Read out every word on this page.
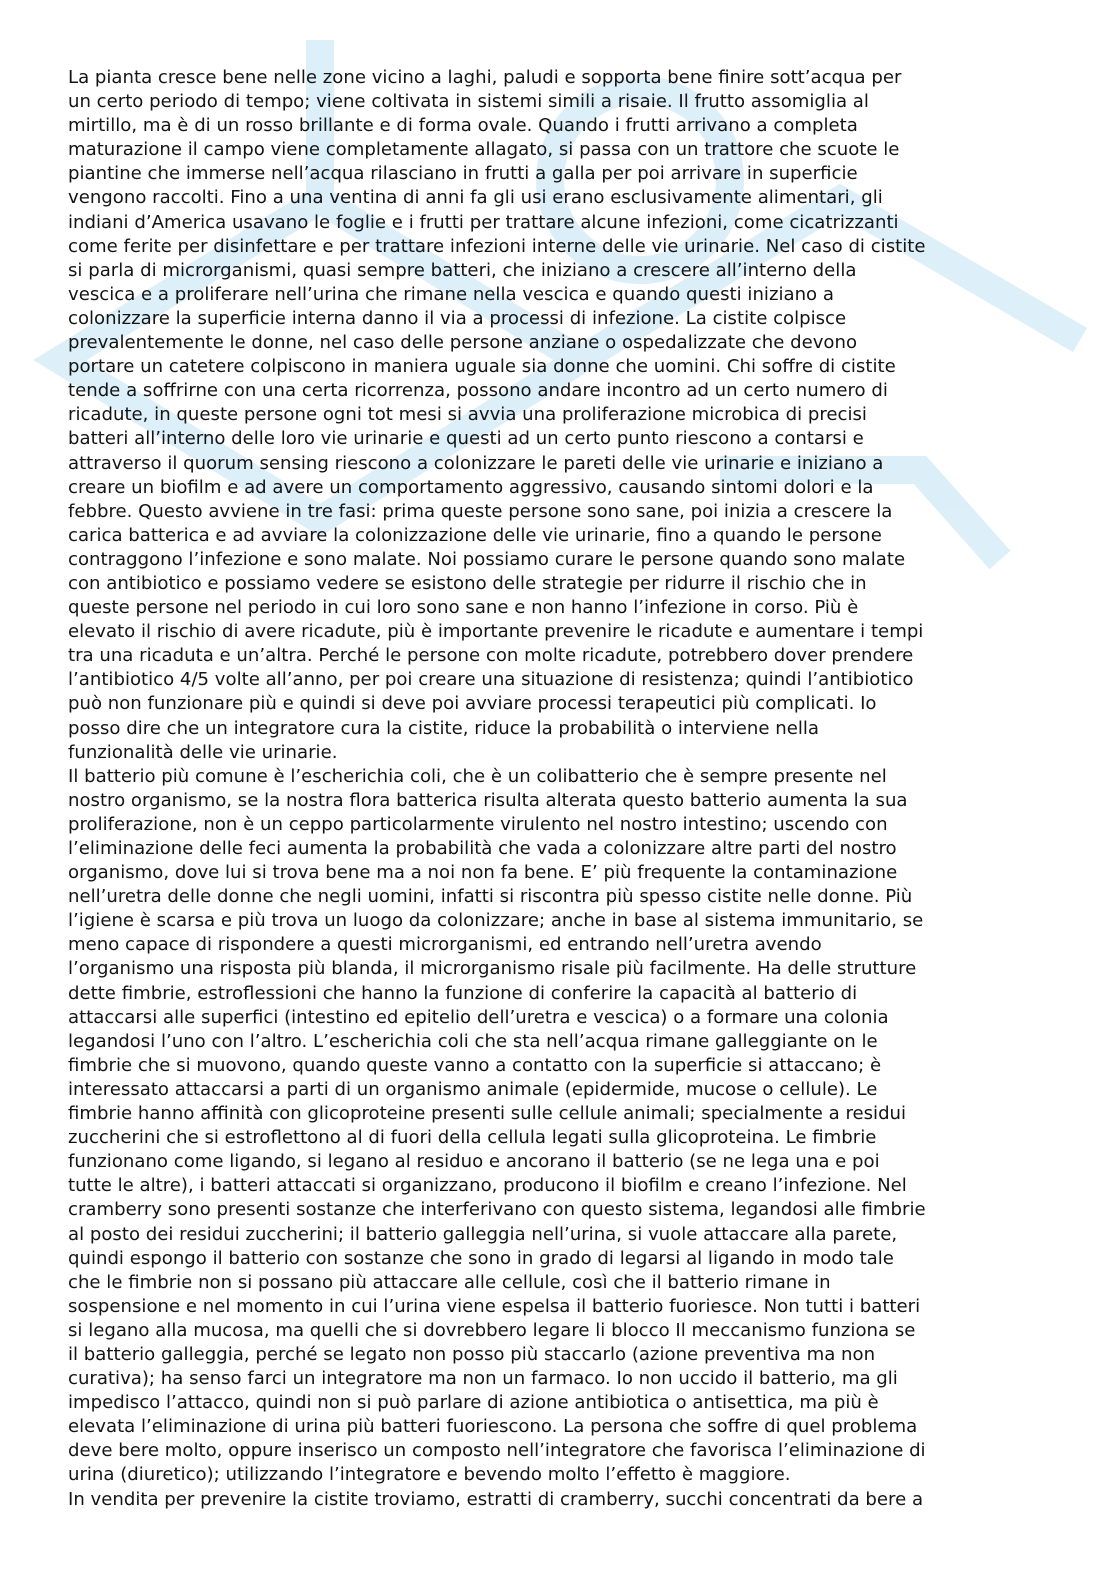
La pianta cresce bene nelle zone vicino a laghi, paludi e sopporta bene finire sott’acqua per

un certo periodo di tempo; viene coltivata in sistemi simili a risaie. Il frutto assomiglia al

mirtillo, ma è di un rosso brillante e di forma ovale. Quando i frutti arrivano a completa

maturazione il campo viene completamente allagato, si passa con un trattore che scuote le

piantine che immerse nell’acqua rilasciano in frutti a galla per poi arrivare in superficie

vengono raccolti. Fino a una ventina di anni fa gli usi erano esclusivamente alimentari, gli

indiani d’America usavano le foglie e i frutti per trattare alcune infezioni, come cicatrizzanti

come ferite per disinfettare e per trattare infezioni interne delle vie urinarie. Nel caso di cistite

si parla di microrganismi, quasi sempre batteri, che iniziano a crescere all’interno della

vescica e a proliferare nell’urina che rimane nella vescica e quando questi iniziano a

colonizzare la superficie interna danno il via a processi di infezione. La cistite colpisce

prevalentemente le donne, nel caso delle persone anziane o ospedalizzate che devono

portare un catetere colpiscono in maniera uguale sia donne che uomini. Chi soffre di cistite

tende a soffrirne con una certa ricorrenza, possono andare incontro ad un certo numero di

ricadute, in queste persone ogni tot mesi si avvia una proliferazione microbica di precisi

batteri all’interno delle loro vie urinarie e questi ad un certo punto riescono a contarsi e

attraverso il quorum sensing riescono a colonizzare le pareti delle vie urinarie e iniziano a

creare un biofilm e ad avere un comportamento aggressivo, causando sintomi dolori e la

febbre. Questo avviene in tre fasi: prima queste persone sono sane, poi inizia a crescere la

carica batterica e ad avviare la colonizzazione delle vie urinarie, fino a quando le persone

contraggono l’infezione e sono malate. Noi possiamo curare le persone quando sono malate

con antibiotico e possiamo vedere se esistono delle strategie per ridurre il rischio che in

queste persone nel periodo in cui loro sono sane e non hanno l’infezione in corso. Più è

elevato il rischio di avere ricadute, più è importante prevenire le ricadute e aumentare i tempi

tra una ricaduta e un’altra. Perché le persone con molte ricadute, potrebbero dover prendere

l’antibiotico 4/5 volte all’anno, per poi creare una situazione di resistenza; quindi l’antibiotico

può non funzionare più e quindi si deve poi avviare processi terapeutici più complicati. Io

posso dire che un integratore cura la cistite, riduce la probabilità o interviene nella

funzionalità delle vie urinarie.

Il batterio più comune è l’escherichia coli, che è un colibatterio che è sempre presente nel

nostro organismo, se la nostra flora batterica risulta alterata questo batterio aumenta la sua

proliferazione, non è un ceppo particolarmente virulento nel nostro intestino; uscendo con

l’eliminazione delle feci aumenta la probabilità che vada a colonizzare altre parti del nostro

organismo, dove lui si trova bene ma a noi non fa bene. E’ più frequente la contaminazione

nell’uretra delle donne che negli uomini, infatti si riscontra più spesso cistite nelle donne. Più

l’igiene è scarsa e più trova un luogo da colonizzare; anche in base al sistema immunitario, se

meno capace di rispondere a questi microrganismi, ed entrando nell’uretra avendo

l’organismo una risposta più blanda, il microrganismo risale più facilmente. Ha delle strutture

dette fimbrie, estroflessioni che hanno la funzione di conferire la capacità al batterio di

attaccarsi alle superfici (intestino ed epitelio dell’uretra e vescica) o a formare una colonia

legandosi l’uno con l’altro. L’escherichia coli che sta nell’acqua rimane galleggiante on le

fimbrie che si muovono, quando queste vanno a contatto con la superficie si attaccano; è

interessato attaccarsi a parti di un organismo animale (epidermide, mucose o cellule). Le

fimbrie hanno affinità con glicoproteine presenti sulle cellule animali; specialmente a residui

zuccherini che si estroflettono al di fuori della cellula legati sulla glicoproteina. Le fimbrie

funzionano come ligando, si legano al residuo e ancorano il batterio (se ne lega una e poi

tutte le altre), i batteri attaccati si organizzano, producono il biofilm e creano l’infezione. Nel

cramberry sono presenti sostanze che interferivano con questo sistema, legandosi alle fimbrie

al posto dei residui zuccherini; il batterio galleggia nell’urina, si vuole attaccare alla parete,

quindi espongo il batterio con sostanze che sono in grado di legarsi al ligando in modo tale

che le fimbrie non si possano più attaccare alle cellule, così che il batterio rimane in

sospensione e nel momento in cui l’urina viene espelsa il batterio fuoriesce. Non tutti i batteri

si legano alla mucosa, ma quelli che si dovrebbero legare li blocco Il meccanismo funziona se

il batterio galleggia, perché se legato non posso più staccarlo (azione preventiva ma non

curativa); ha senso farci un integratore ma non un farmaco. Io non uccido il batterio, ma gli

impedisco l’attacco, quindi non si può parlare di azione antibiotica o antisettica, ma più è

elevata l’eliminazione di urina più batteri fuoriescono. La persona che soffre di quel problema

deve bere molto, oppure inserisco un composto nell’integratore che favorisca l’eliminazione di

urina (diuretico); utilizzando l’integratore e bevendo molto l’effetto è maggiore.

In vendita per prevenire la cistite troviamo, estratti di cramberry, succhi concentrati da bere a
